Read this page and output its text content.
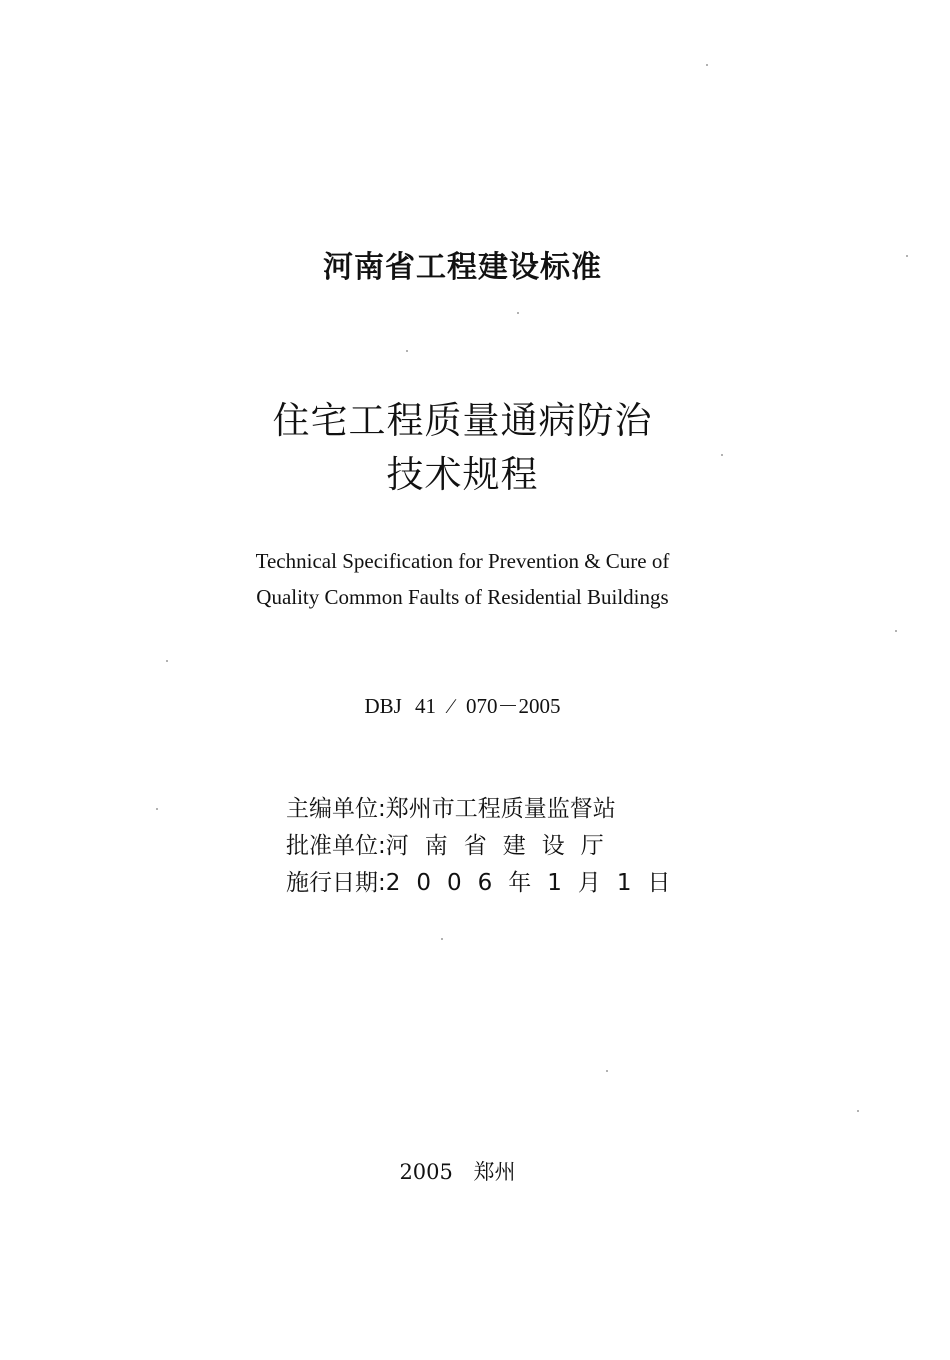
河南省工程建设标准
住宅工程质量通病防治
技术规程
Technical Specification for Prevention & Cure of
Quality Common Faults of Residential Buildings
DBJ 41 ∕ 070－2005
主编单位:郑州市工程质量监督站
批准单位:河南省建设厅
施行日期:2006年1月1日
2005 郑州
